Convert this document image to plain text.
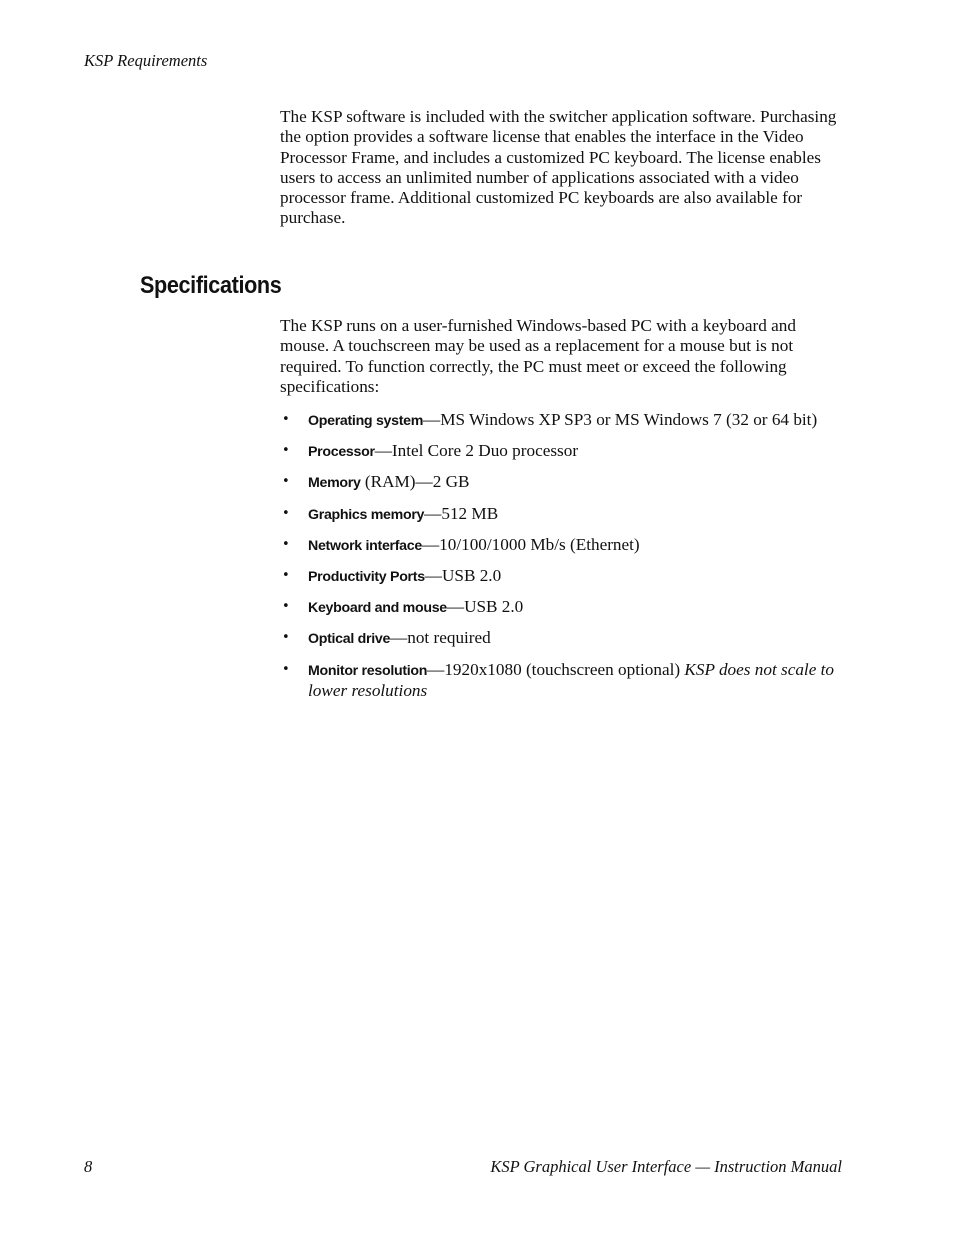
KSP Requirements

The KSP software is included with the switcher application software. Purchasing the option provides a software license that enables the interface in the Video Processor Frame, and includes a customized PC keyboard. The license enables users to access an unlimited number of applications associated with a video processor frame. Additional customized PC keyboards are also available for purchase.

Specifications

The KSP runs on a user-furnished Windows-based PC with a keyboard and mouse. A touchscreen may be used as a replacement for a mouse but is not required. To function correctly, the PC must meet or exceed the following specifications:

• Operating system—MS Windows XP SP3 or MS Windows 7 (32 or 64 bit)
• Processor—Intel Core 2 Duo processor
• Memory (RAM)—2 GB
• Graphics memory—512 MB
• Network interface—10/100/1000 Mb/s (Ethernet)
• Productivity Ports—USB 2.0
• Keyboard and mouse—USB 2.0
• Optical drive—not required
• Monitor resolution—1920x1080 (touchscreen optional) KSP does not scale to lower resolutions
8	KSP Graphical User Interface — Instruction Manual
